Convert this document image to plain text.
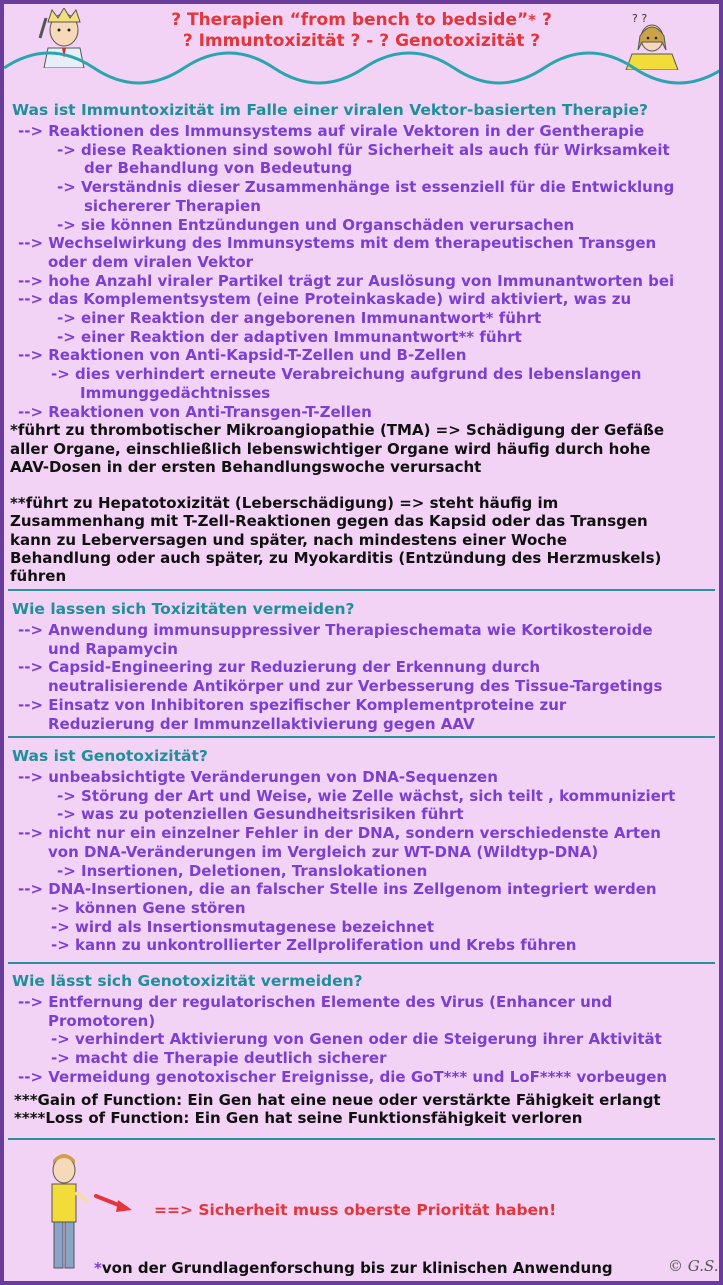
? Therapien “from bench to bedside”* ?
? Immuntoxizität ? - ? Genotoxizität ?
? ?
Was ist Immuntoxizität im Falle einer viralen Vektor-basierten Therapie?
--> Reaktionen des Immunsystems auf virale Vektoren in der Gentherapie
-> diese Reaktionen sind sowohl für Sicherheit als auch für Wirksamkeit
der Behandlung von Bedeutung
-> Verständnis dieser Zusammenhänge ist essenziell für die Entwicklung
sichererer Therapien
-> sie können Entzündungen und Organschäden verursachen
--> Wechselwirkung des Immunsystems mit dem therapeutischen Transgen
oder dem viralen Vektor
--> hohe Anzahl viraler Partikel trägt zur Auslösung von Immunantworten bei
--> das Komplementsystem (eine Proteinkaskade) wird aktiviert, was zu
-> einer Reaktion der angeborenen Immunantwort* führt
-> einer Reaktion der adaptiven Immunantwort** führt
--> Reaktionen von Anti-Kapsid-T-Zellen und B-Zellen
-> dies verhindert erneute Verabreichung aufgrund des lebenslangen
Immunggedächtnisses
--> Reaktionen von Anti-Transgen-T-Zellen
*führt zu thrombotischer Mikroangiopathie (TMA) => Schädigung der Gefäße
aller Organe, einschließlich lebenswichtiger Organe wird häufig durch hohe
AAV-Dosen in der ersten Behandlungswoche verursacht
**führt zu Hepatotoxizität (Leberschädigung) => steht häufig im
Zusammenhang mit T-Zell-Reaktionen gegen das Kapsid oder das Transgen
kann zu Leberversagen und später, nach mindestens einer Woche
Behandlung oder auch später, zu Myokarditis (Entzündung des Herzmuskels)
führen
Wie lassen sich Toxizitäten vermeiden?
--> Anwendung immunsuppressiver Therapieschemata wie Kortikosteroide
und Rapamycin
--> Capsid-Engineering zur Reduzierung der Erkennung durch
neutralisierende Antikörper und zur Verbesserung des Tissue-Targetings
--> Einsatz von Inhibitoren spezifischer Komplementproteine zur
Reduzierung der Immunzellaktivierung gegen AAV
Was ist Genotoxizität?
--> unbeabsichtigte Veränderungen von DNA-Sequenzen
-> Störung der Art und Weise, wie Zelle wächst, sich teilt , kommuniziert
-> was zu potenziellen Gesundheitsrisiken führt
--> nicht nur ein einzelner Fehler in der DNA, sondern verschiedenste Arten
von DNA-Veränderungen im Vergleich zur WT-DNA (Wildtyp-DNA)
-> Insertionen, Deletionen, Translokationen
--> DNA-Insertionen, die an falscher Stelle ins Zellgenom integriert werden
-> können Gene stören
-> wird als Insertionsmutagenese bezeichnet
-> kann zu unkontrollierter Zellproliferation und Krebs führen
Wie lässt sich Genotoxizität vermeiden?
--> Entfernung der regulatorischen Elemente des Virus (Enhancer und
Promotoren)
-> verhindert Aktivierung von Genen oder die Steigerung ihrer Aktivität
-> macht die Therapie deutlich sicherer
--> Vermeidung genotoxischer Ereignisse, die GoT*** und LoF**** vorbeugen
***Gain of Function: Ein Gen hat eine neue oder verstärkte Fähigkeit erlangt
****Loss of Function: Ein Gen hat seine Funktionsfähigkeit verloren
==> Sicherheit muss oberste Priorität haben!
*von der Grundlagenforschung bis zur klinischen Anwendung	© G.S.
